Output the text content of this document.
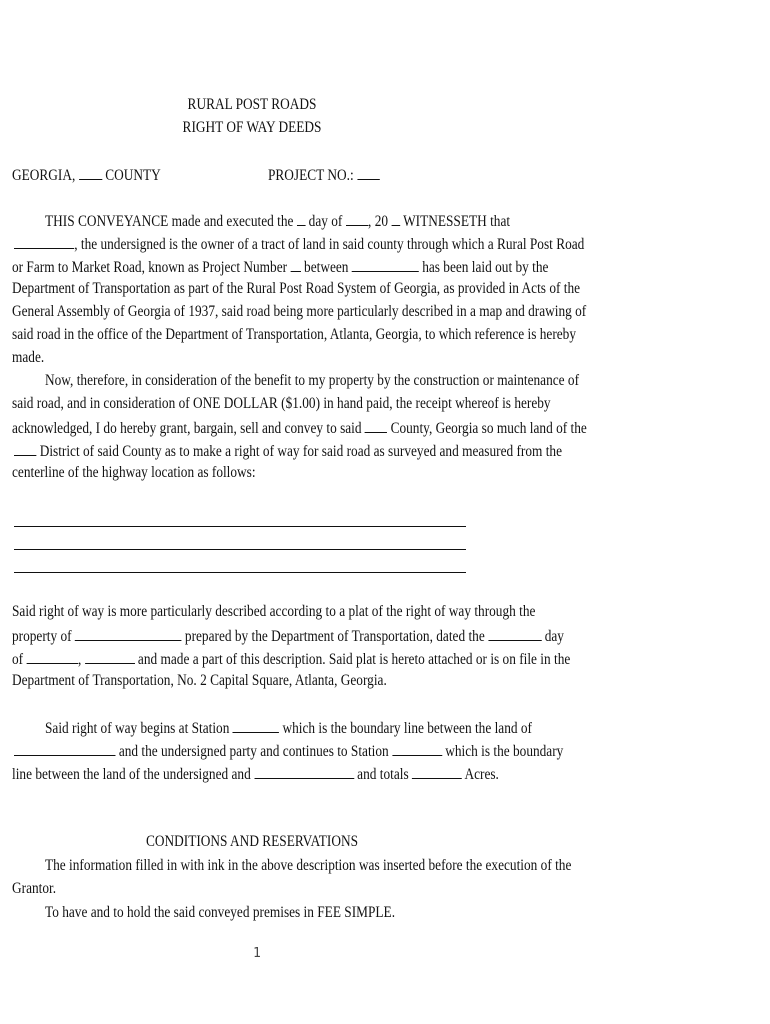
RURAL POST ROADS
RIGHT OF WAY DEEDS
GEORGIA, COUNTY	PROJECT NO.:
THIS CONVEYANCE made and executed the day of , 20 WITNESSETH that
, the undersigned is the owner of a tract of land in said county through which a Rural Post Road
or Farm to Market Road, known as Project Number between	has been laid out by the
Department of Transportation as part of the Rural Post Road System of Georgia, as provided in Acts of the
General Assembly of Georgia of 1937, said road being more particularly described in a map and drawing of
said road in the office of the Department of Transportation, Atlanta, Georgia, to which reference is hereby
made.
Now, therefore, in consideration of the benefit to my property by the construction or maintenance of
said road, and in consideration of ONE DOLLAR ($1.00) in hand paid, the receipt whereof is hereby
acknowledged, I do hereby grant, bargain, sell and convey to said County, Georgia so much land of the
District of said County as to make a right of way for said road as surveyed and measured from the
centerline of the highway location as follows:
Said right of way is more particularly described according to a plat of the right of way through the
property of	prepared by the Department of Transportation, dated the	day
of	,	and made a part of this description. Said plat is hereto attached or is on file in the
Department of Transportation, No. 2 Capital Square, Atlanta, Georgia.
Said right of way begins at Station	which is the boundary line between the land of
and the undersigned party and continues to Station	which is the boundary
line between the land of the undersigned and	and totals	Acres.
CONDITIONS AND RESERVATIONS
The information filled in with ink in the above description was inserted before the execution of the
Grantor.
To have and to hold the said conveyed premises in FEE SIMPLE.
1
